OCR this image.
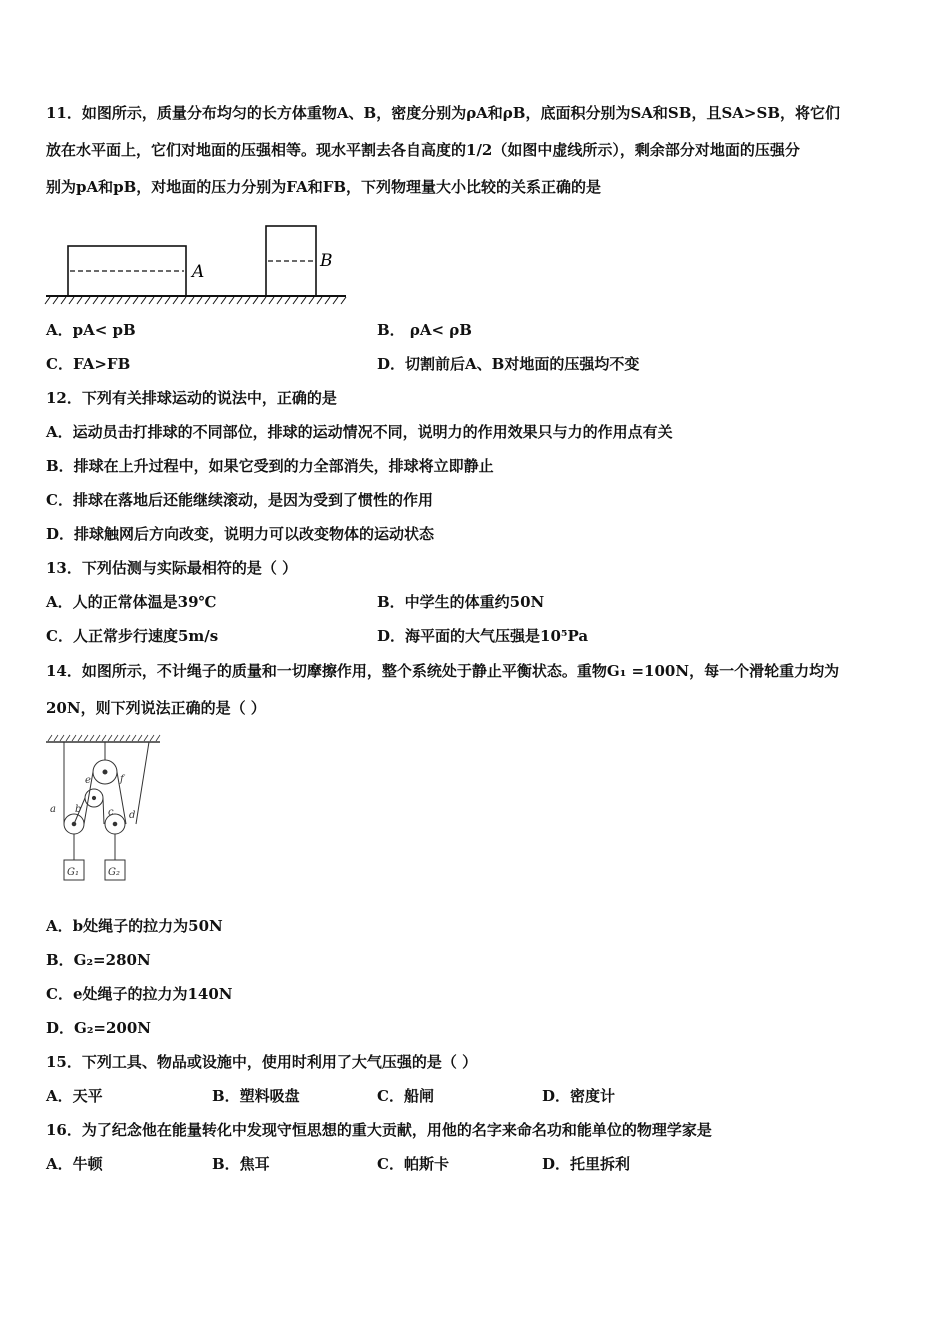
11．如图所示，质量分布均匀的长方体重物A、B，密度分别为ρA和ρB，底面积分别为SA和SB，且SA>SB，将它们
放在水平面上，它们对地面的压强相等。现水平割去各自高度的1/2（如图中虚线所示），剩余部分对地面的压强分
别为pA和pB，对地面的压力分别为FA和FB，下列物理量大小比较的关系正确的是
A
B
A．pA< pB	B． ρA< ρB
C．FA>FB	D．切割前后A、B对地面的压强均不变
12．下列有关排球运动的说法中，正确的是
A．运动员击打排球的不同部位，排球的运动情况不同，说明力的作用效果只与力的作用点有关
B．排球在上升过程中，如果它受到的力全部消失，排球将立即静止
C．排球在落地后还能继续滚动，是因为受到了惯性的作用
D．排球触网后方向改变，说明力可以改变物体的运动状态
13．下列估测与实际最相符的是（ ）
A．人的正常体温是39℃	B．中学生的体重约50N
C．人正常步行速度5m/s	D．海平面的大气压强是10⁵Pa
14．如图所示，不计绳子的质量和一切摩擦作用，整个系统处于静止平衡状态。重物G₁ =100N，每一个滑轮重力均为
20N，则下列说法正确的是（ ）
a b	c d
e	f
G₁	G₂
A．b处绳子的拉力为50N
B．G₂=280N
C．e处绳子的拉力为140N
D．G₂=200N
15．下列工具、物品或设施中，使用时利用了大气压强的是（ ）
A．天平	B．塑料吸盘	C．船闸	D．密度计
16．为了纪念他在能量转化中发现守恒思想的重大贡献，用他的名字来命名功和能单位的物理学家是
A．牛顿	B．焦耳	C．帕斯卡	D．托里拆利
